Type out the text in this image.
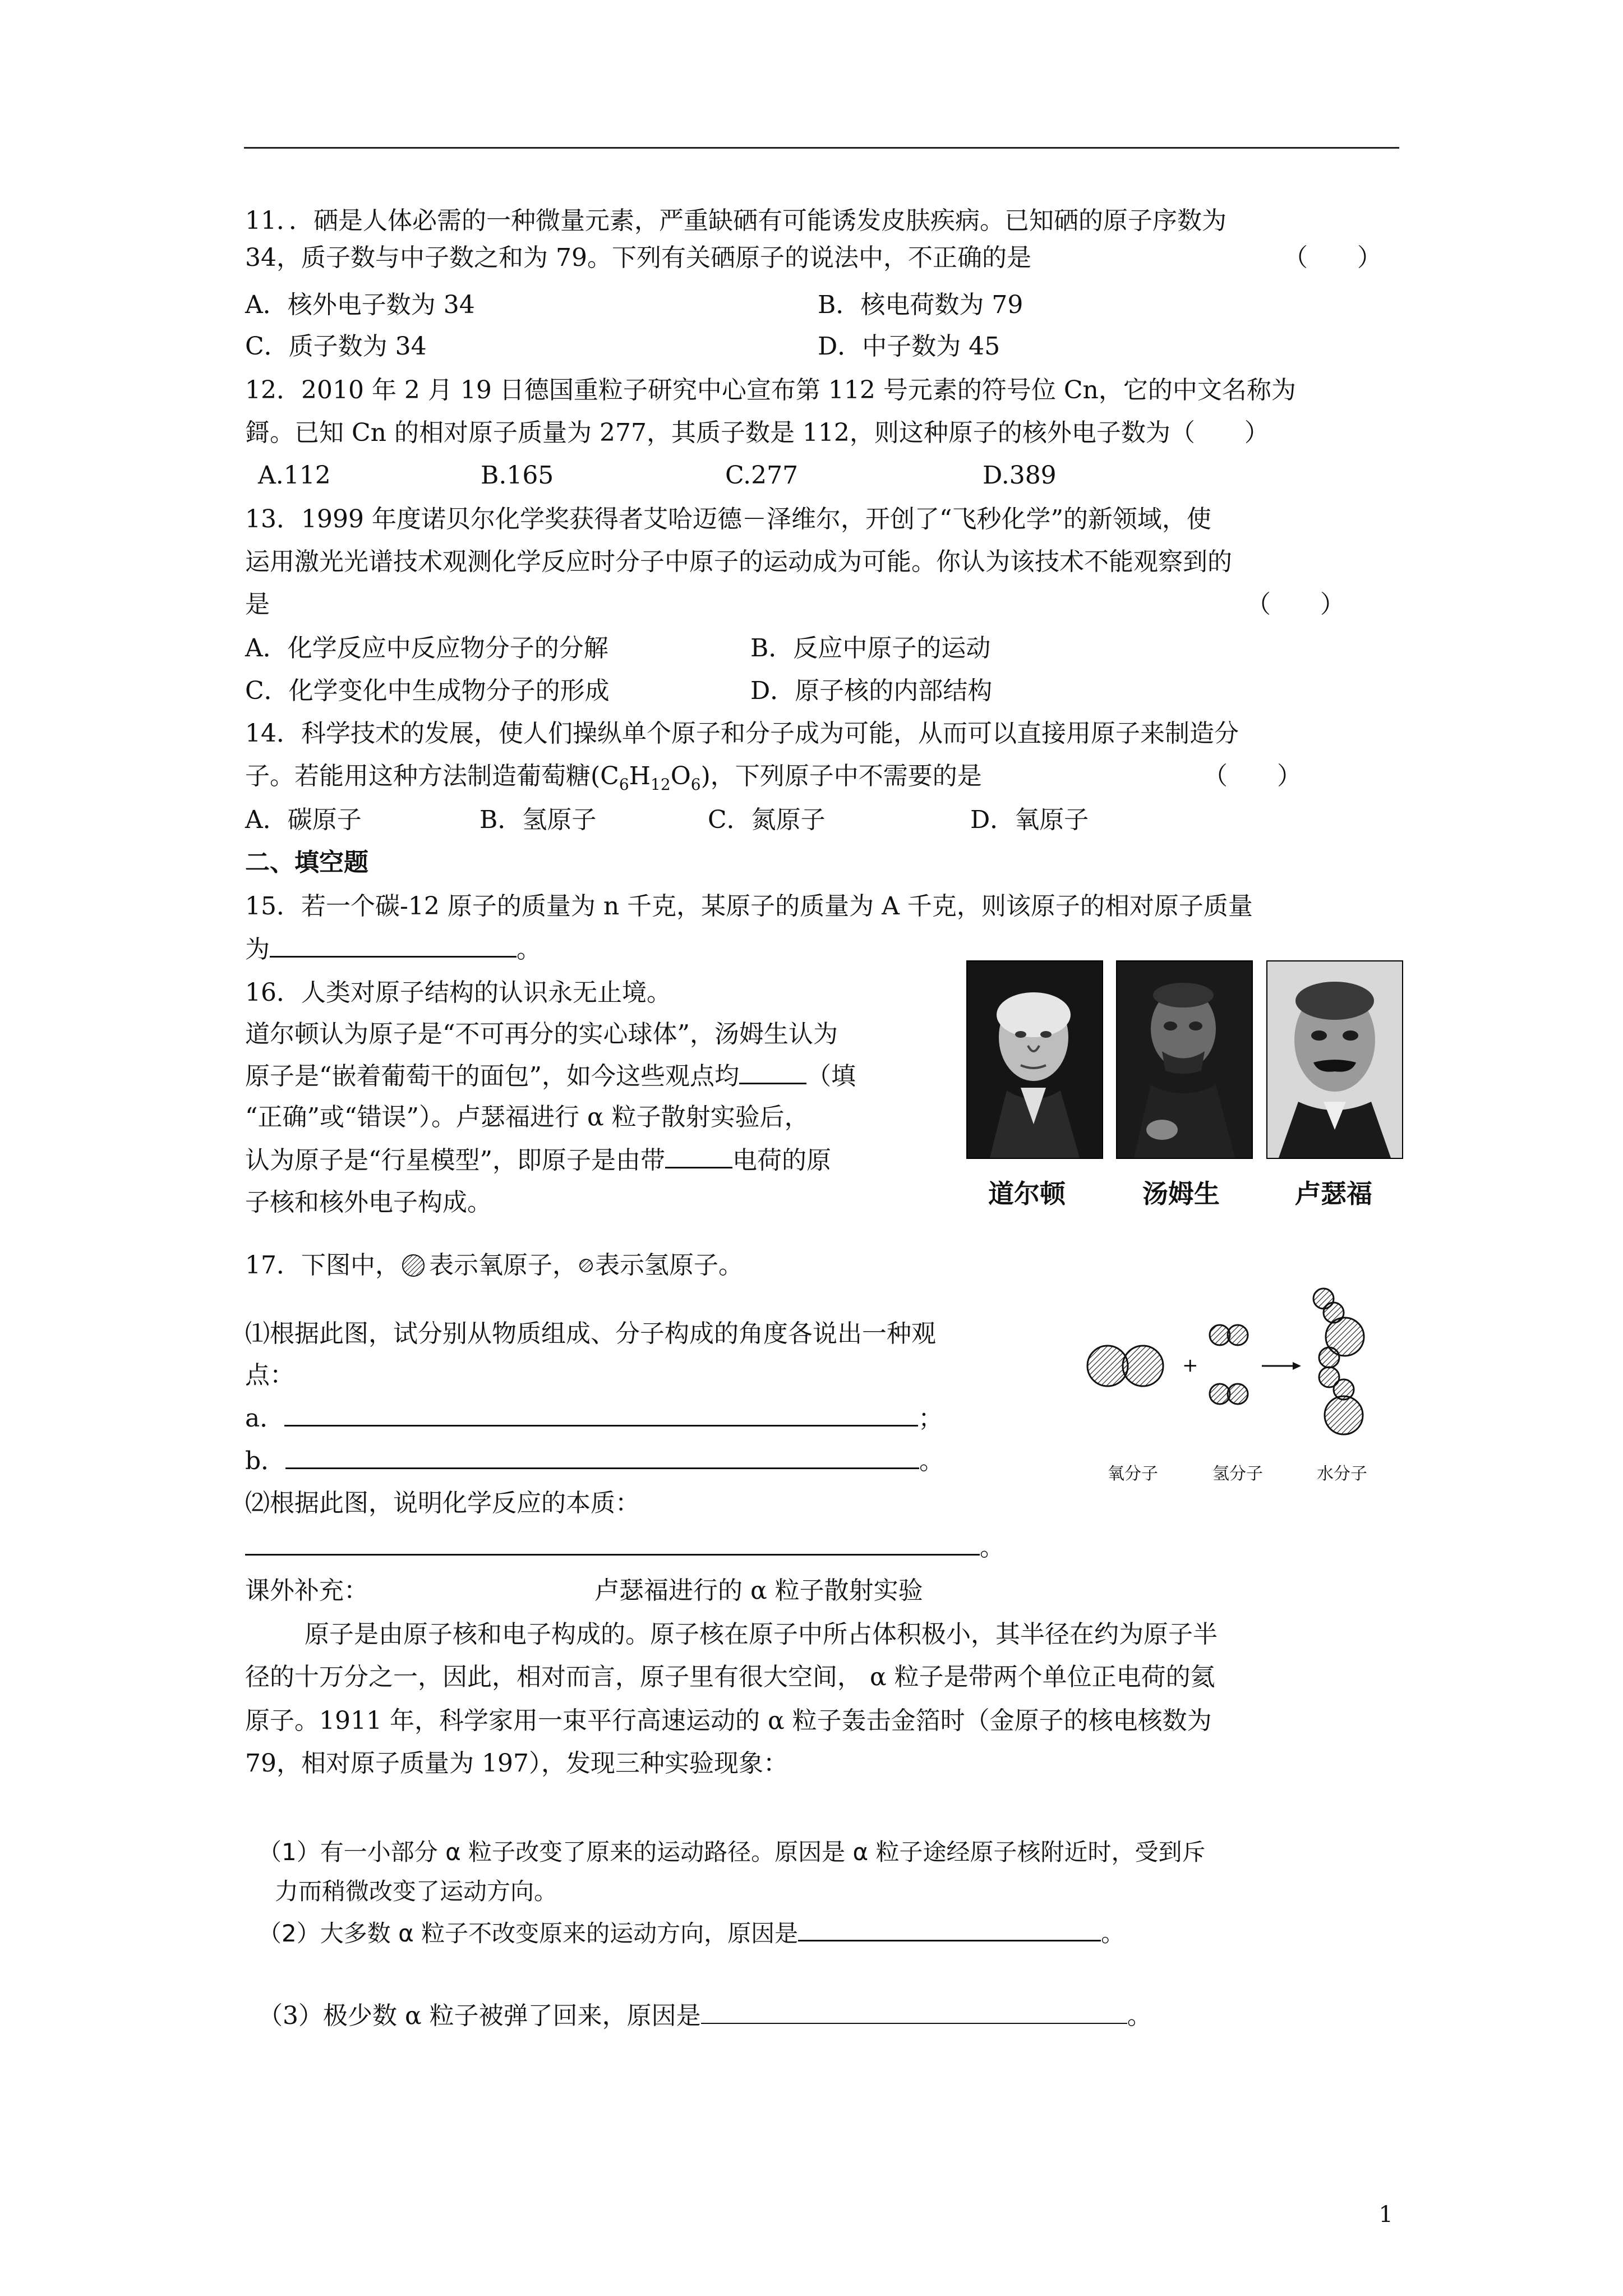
11．．硒是人体必需的一种微量元素，严重缺硒有可能诱发皮肤疾病。已知硒的原子序数为
34，质子数与中子数之和为 79。下列有关硒原子的说法中，不正确的是	（　　）
A．核外电子数为 34	B．核电荷数为 79
C．质子数为 34	D．中子数为 45
12．2010 年 2 月 19 日德国重粒子研究中心宣布第 112 号元素的符号位 Cn，它的中文名称为
鎶。已知 Cn 的相对原子质量为 277，其质子数是 112，则这种原子的核外电子数为（　　）
A.112	B.165	C.277	D.389
13．1999 年度诺贝尔化学奖获得者艾哈迈德－泽维尔，开创了“飞秒化学”的新领域，使
运用激光光谱技术观测化学反应时分子中原子的运动成为可能。你认为该技术不能观察到的
是	（　　）
A．化学反应中反应物分子的分解	B．反应中原子的运动
C．化学变化中生成物分子的形成	D．原子核的内部结构
14．科学技术的发展，使人们操纵单个原子和分子成为可能，从而可以直接用原子来制造分
子。若能用这种方法制造葡萄糖$(C_6H_{12}O_6)$，下列原子中不需要的是	（　　）
A．碳原子	B．氢原子	C．氮原子	D．氧原子
二、填空题
15．若一个碳-12 原子的质量为 n 千克，某原子的质量为 A 千克，则该原子的相对原子质量
为	。
16．人类对原子结构的认识永无止境。
道尔顿认为原子是“不可再分的实心球体”，汤姆生认为
原子是“嵌着葡萄干的面包”，如今这些观点均	（填
“正确”或“错误”）。卢瑟福进行 α 粒子散射实验后，
认为原子是“行星模型”，即原子是由带	电荷的原
子核和核外电子构成。	道尔顿	汤姆生	卢瑟福
17．下图中， 表示氧原子， 表示氢原子。
⑴根据此图，试分别从物质组成、分子构成的角度各说出一种观
点：
a．	；
b．	。
⑵根据此图，说明化学反应的本质：
。
+
氧分子	氢分子	水分子
课外补充：	卢瑟福进行的 α 粒子散射实验
原子是由原子核和电子构成的。原子核在原子中所占体积极小，其半径在约为原子半
径的十万分之一，因此，相对而言，原子里有很大空间， α 粒子是带两个单位正电荷的氦
原子。1911 年，科学家用一束平行高速运动的 α 粒子轰击金箔时（金原子的核电核数为
79，相对原子质量为 197），发现三种实验现象：
（1）有一小部分 α 粒子改变了原来的运动路径。原因是 α 粒子途经原子核附近时，受到斥
力而稍微改变了运动方向。
（2）大多数 α 粒子不改变原来的运动方向，原因是	。
（3）极少数 α 粒子被弹了回来，原因是	。
1
